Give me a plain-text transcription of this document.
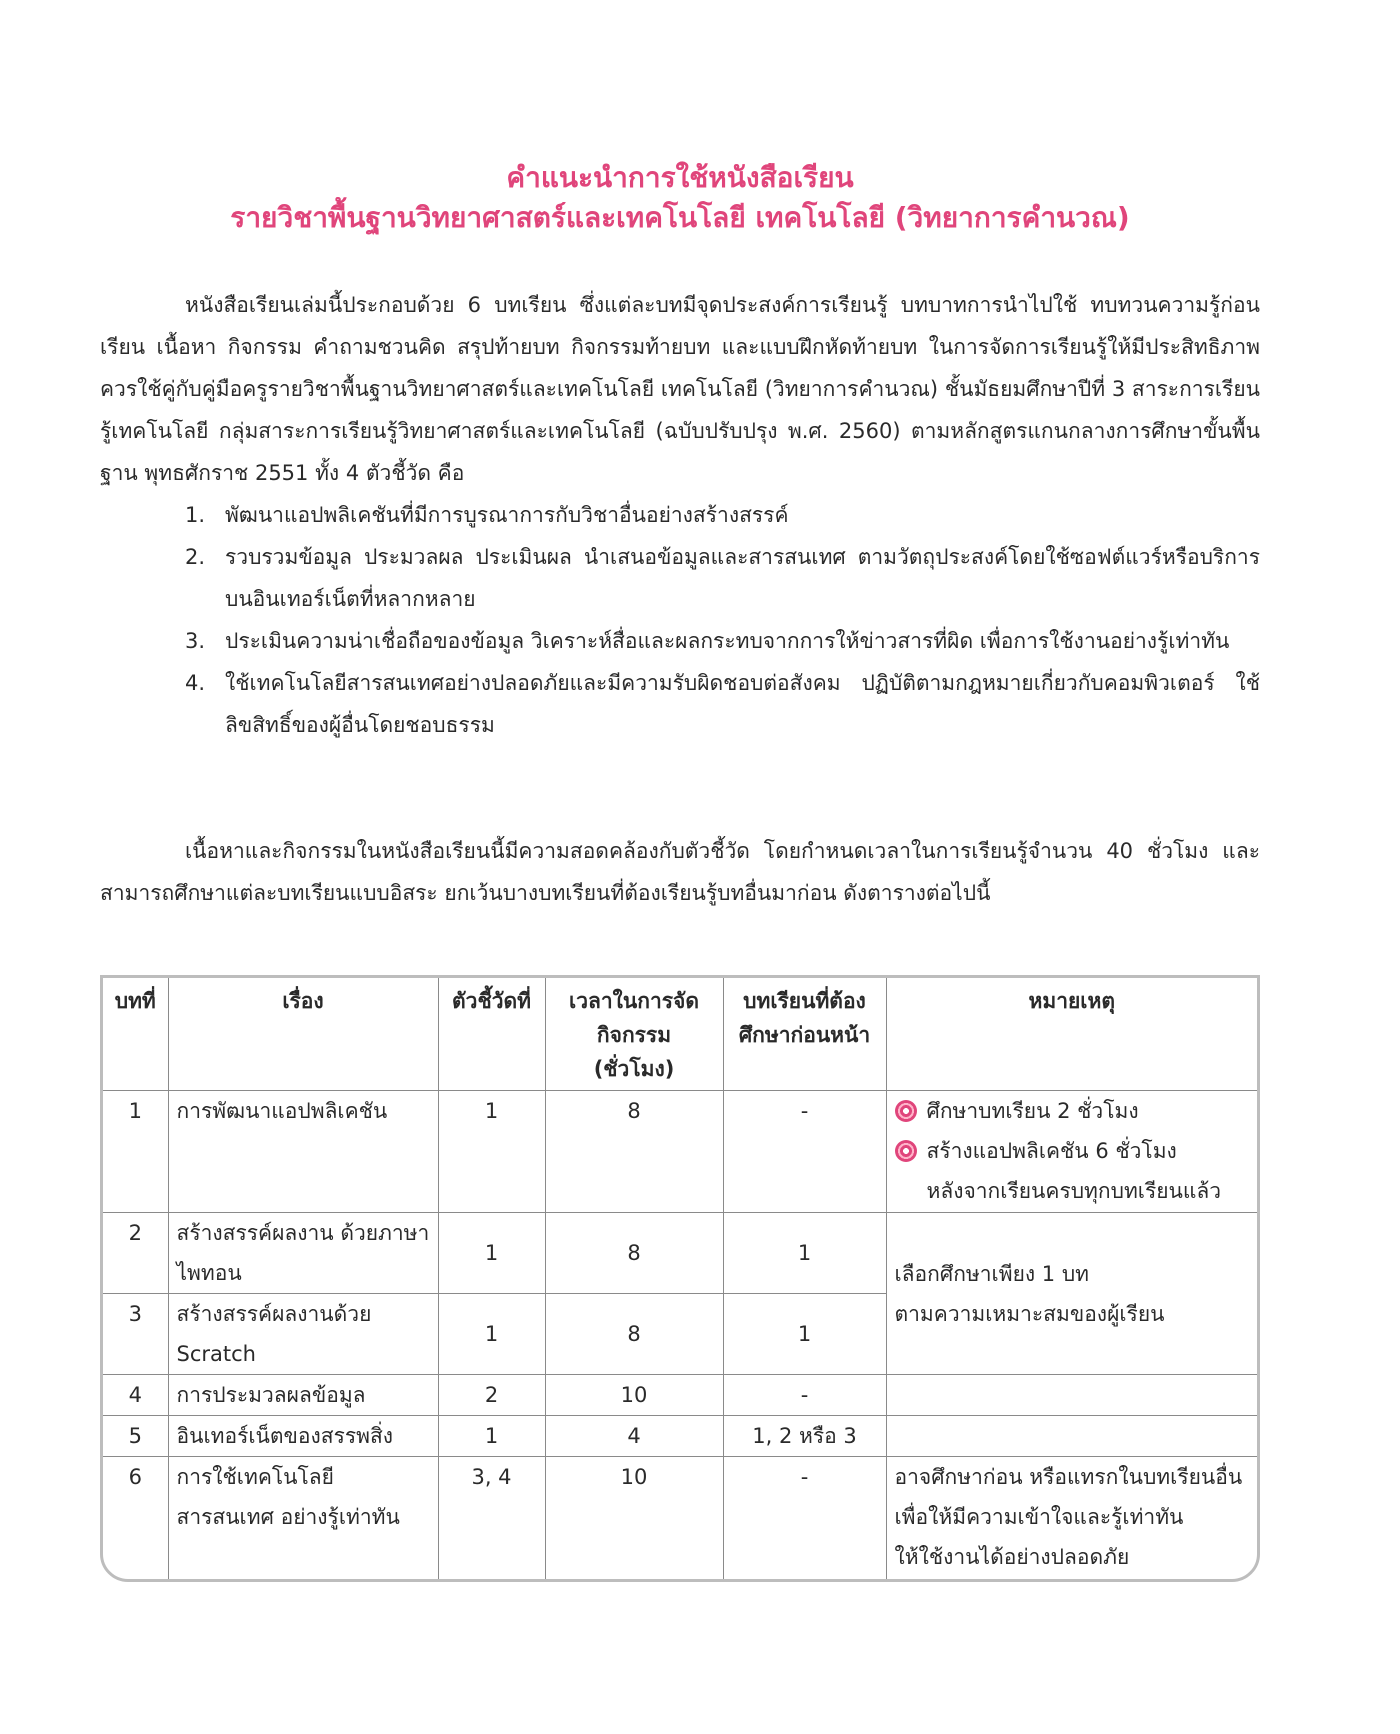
คำแนะนำการใช้หนังสือเรียน

รายวิชาพื้นฐานวิทยาศาสตร์และเทคโนโลยี เทคโนโลยี (วิทยาการคำนวณ)

หนังสือเรียนเล่มนี้ประกอบด้วย 6 บทเรียน ซึ่งแต่ละบทมีจุดประสงค์การเรียนรู้ บทบาทการนำไปใช้ ทบทวนความรู้ก่อนเรียน เนื้อหา กิจกรรม คำถามชวนคิด สรุปท้ายบท กิจกรรมท้ายบท และแบบฝึกหัดท้ายบท ในการจัดการเรียนรู้ให้มีประสิทธิภาพควรใช้คู่กับคู่มือครูรายวิชาพื้นฐานวิทยาศาสตร์และเทคโนโลยี เทคโนโลยี (วิทยาการคำนวณ) ชั้นมัธยมศึกษาปีที่ 3 สาระการเรียนรู้เทคโนโลยี กลุ่มสาระการเรียนรู้วิทยาศาสตร์และเทคโนโลยี (ฉบับปรับปรุง พ.ศ. 2560) ตามหลักสูตรแกนกลางการศึกษาขั้นพื้นฐาน พุทธศักราช 2551 ทั้ง 4 ตัวชี้วัด คือ

1. พัฒนาแอปพลิเคชันที่มีการบูรณาการกับวิชาอื่นอย่างสร้างสรรค์
2. รวบรวมข้อมูล ประมวลผล ประเมินผล นำเสนอข้อมูลและสารสนเทศ ตามวัตถุประสงค์โดยใช้ซอฟต์แวร์หรือบริการบนอินเทอร์เน็ตที่หลากหลาย
3. ประเมินความน่าเชื่อถือของข้อมูล วิเคราะห์สื่อและผลกระทบจากการให้ข่าวสารที่ผิด เพื่อการใช้งานอย่างรู้เท่าทัน
4. ใช้เทคโนโลยีสารสนเทศอย่างปลอดภัยและมีความรับผิดชอบต่อสังคม ปฏิบัติตามกฎหมายเกี่ยวกับคอมพิวเตอร์ ใช้ลิขสิทธิ์ของผู้อื่นโดยชอบธรรม

เนื้อหาและกิจกรรมในหนังสือเรียนนี้มีความสอดคล้องกับตัวชี้วัด โดยกำหนดเวลาในการเรียนรู้จำนวน 40 ชั่วโมง และสามารถศึกษาแต่ละบทเรียนแบบอิสระ ยกเว้นบางบทเรียนที่ต้องเรียนรู้บทอื่นมาก่อน ดังตารางต่อไปนี้

บทที่	เรื่อง	ตัวชี้วัดที่	เวลาในการจัดกิจกรรม (ชั่วโมง)	บทเรียนที่ต้องศึกษาก่อนหน้า	หมายเหตุ
1	การพัฒนาแอปพลิเคชัน	1	8	-	ศึกษาบทเรียน 2 ชั่วโมง
สร้างแอปพลิเคชัน 6 ชั่วโมง
หลังจากเรียนครบทุกบทเรียนแล้ว

2	สร้างสรรค์ผลงาน ด้วยภาษาไพทอน	1	8	1	เลือกศึกษาเพียง 1 บท
ตามความเหมาะสมของผู้เรียน

3	สร้างสรรค์ผลงานด้วย Scratch	1	8	1	
4	การประมวลผลข้อมูล	2	10	-	
5	อินเทอร์เน็ตของสรรพสิ่ง	1	4	1, 2 หรือ 3	
6	การใช้เทคโนโลยีสารสนเทศ อย่างรู้เท่าทัน	3, 4	10	-	อาจศึกษาก่อน หรือแทรกในบทเรียนอื่น
เพื่อให้มีความเข้าใจและรู้เท่าทัน
ให้ใช้งานได้อย่างปลอดภัย
